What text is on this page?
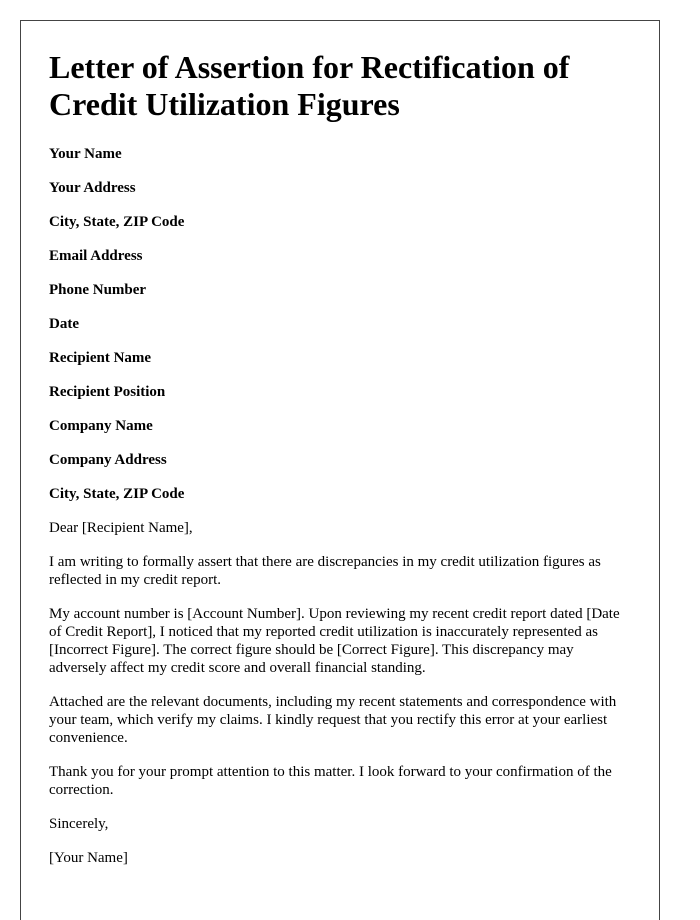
Letter of Assertion for Rectification of Credit Utilization Figures
Your Name
Your Address
City, State, ZIP Code
Email Address
Phone Number
Date
Recipient Name
Recipient Position
Company Name
Company Address
City, State, ZIP Code

Dear [Recipient Name],

I am writing to formally assert that there are discrepancies in my credit utilization figures as reflected in my credit report.

My account number is [Account Number]. Upon reviewing my recent credit report dated [Date of Credit Report], I noticed that my reported credit utilization is inaccurately represented as [Incorrect Figure]. The correct figure should be [Correct Figure]. This discrepancy may adversely affect my credit score and overall financial standing.

Attached are the relevant documents, including my recent statements and correspondence with your team, which verify my claims. I kindly request that you rectify this error at your earliest convenience.

Thank you for your prompt attention to this matter. I look forward to your confirmation of the correction.

Sincerely,

[Your Name]
